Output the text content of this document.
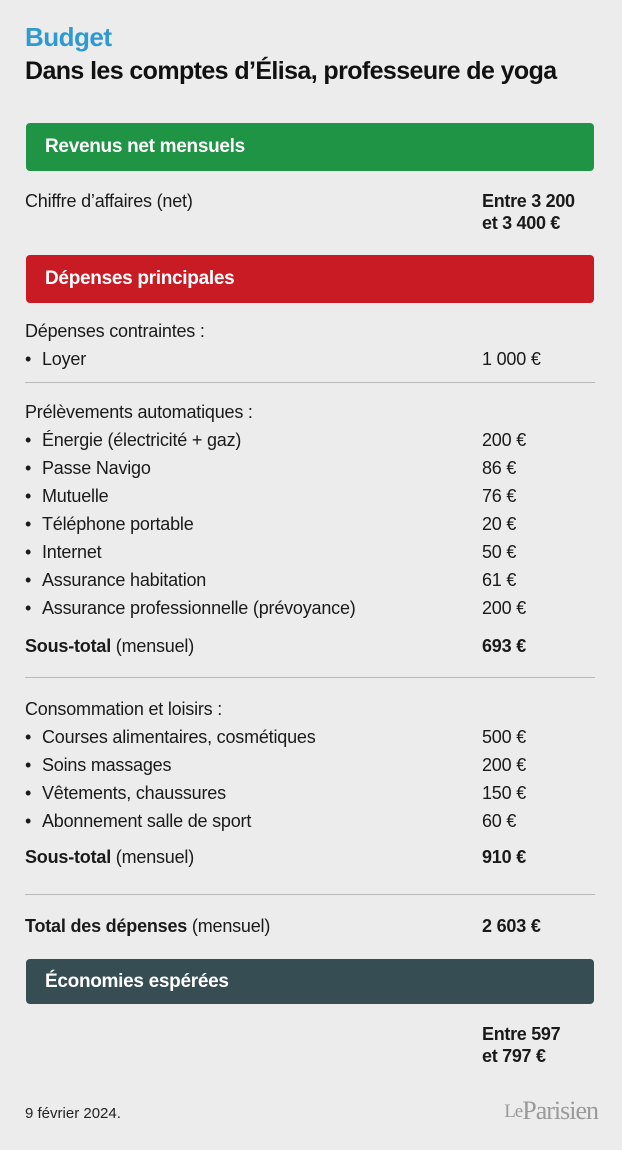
Budget
Dans les comptes d’Élisa, professeure de yoga
Revenus net mensuels
Chiffre d’affaires (net)	Entre 3 200
et 3 400 €
Dépenses principales
Dépenses contraintes :
• Loyer	1 000 €
Prélèvements automatiques :
• Énergie (électricité + gaz)	200 €
• Passe Navigo	86 €
• Mutuelle	76 €
• Téléphone portable	20 €
• Internet	50 €
• Assurance habitation	61 €
• Assurance professionnelle (prévoyance)	200 €
Sous-total (mensuel)	693 €
Consommation et loisirs :
• Courses alimentaires, cosmétiques	500 €
• Soins massages	200 €
• Vêtements, chaussures	150 €
• Abonnement salle de sport	60 €
Sous-total (mensuel)	910 €
Total des dépenses (mensuel)	2 603 €
Économies espérées
Entre 597
et 797 €
9 février 2024.	LeParisien
